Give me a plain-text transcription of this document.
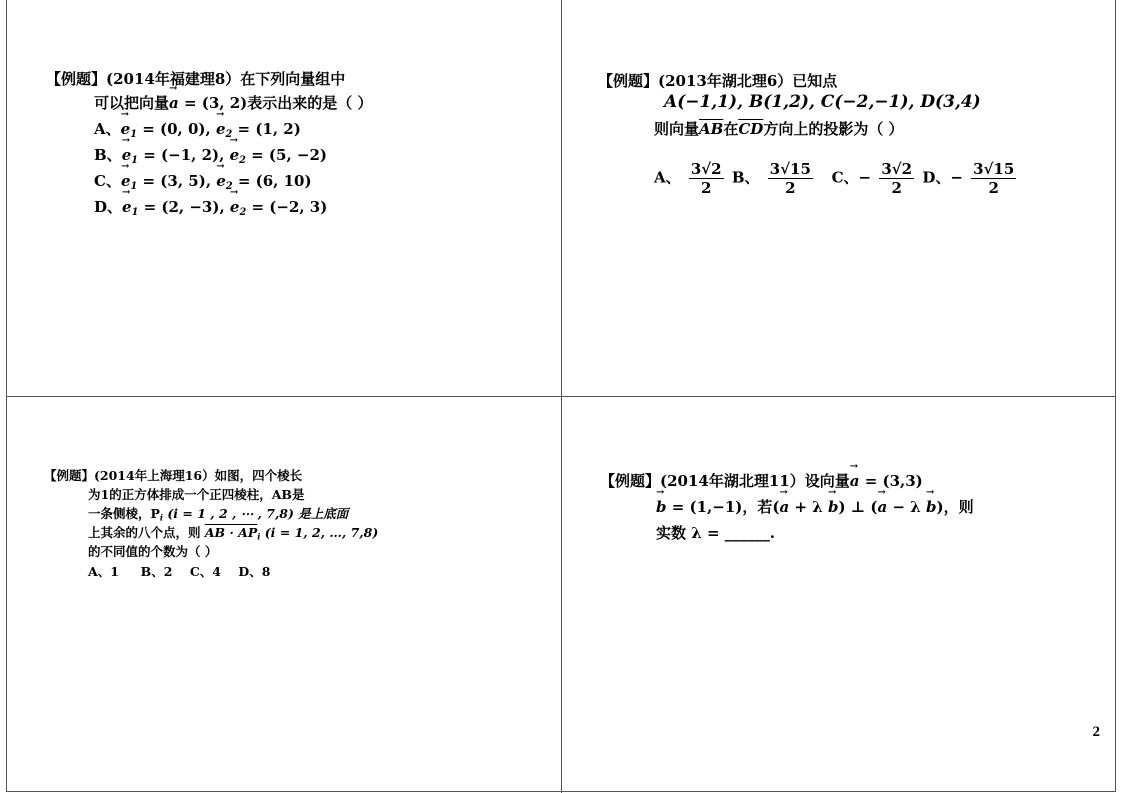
【例题】(2014年福建理8）在下列向量组中
可以把向量→ a = (3, 2)表示出来的是（ ）
A、→ $e_1 = (0$, 0), → $e_2 = (1$, 2)
B、→ $e_1 = (-1$, 2), → $e_2 = (5$, −2)
C、→ $e_1 = (3$, 5), → $e_2 = (6$, 10)
D、→ $e_1 = (2$, −3), → $e_2 = (-2$, 3)
【例题】(2013年湖北理6）已知点
A(−1,1), B(1,2), C(−2,−1), D(3,4)
则向量$\overline{AB}$在$\overline{CD}$方向上的投影为（ ）
A、 $\frac{3√2}{2}$ B、 $\frac{3√15}{2}$ C、− $\frac{3√2}{2}$ D、− $\frac{3√15}{2}$
【例题】(2014年上海理16）如图，四个棱长
为1的正方体排成一个正四棱柱，AB是
一条侧棱，$P_i$ (i = 1 , 2 , ⋯ , 7,8) 是上底面
上其余的八个点，则 AB · $AP_i$ (i = 1, 2, …, 7,8)
的不同值的个数为（ ）
A、1     B、2    C、4    D、8
【例题】(2014年湖北理11）设向量→ a = (3,3)
→ b = (1,−1)，若(→ a + λ → b) ⊥ (→ a − λ → b)，则
实数 λ = ______.
2
